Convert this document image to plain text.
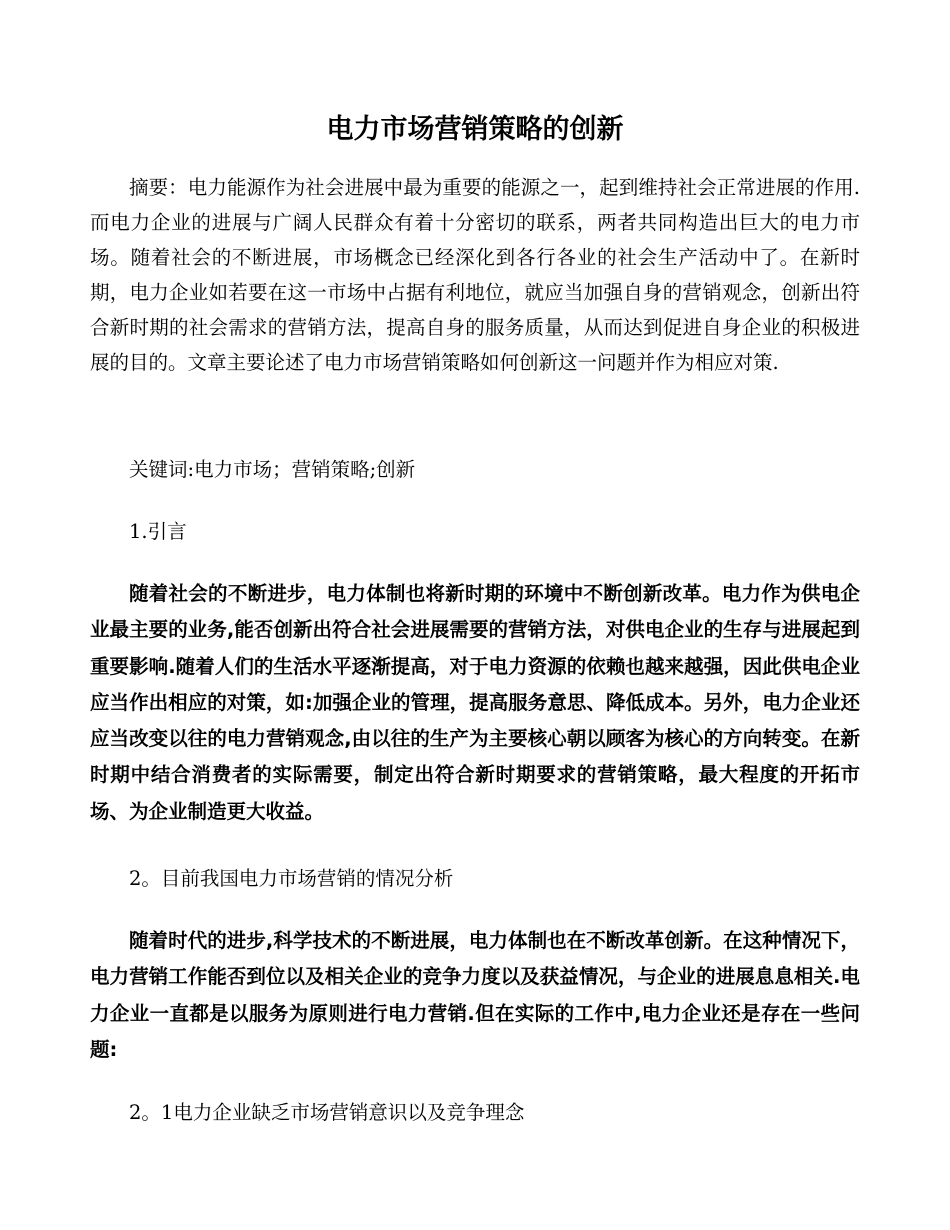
电力市场营销策略的创新

摘要：电力能源作为社会进展中最为重要的能源之一，起到维持社会正常进展的作用.而电力企业的进展与广阔人民群众有着十分密切的联系，两者共同构造出巨大的电力市场。随着社会的不断进展，市场概念已经深化到各行各业的社会生产活动中了。在新时期，电力企业如若要在这一市场中占据有利地位，就应当加强自身的营销观念，创新出符合新时期的社会需求的营销方法，提高自身的服务质量，从而达到促进自身企业的积极进展的目的。文章主要论述了电力市场营销策略如何创新这一问题并作为相应对策.

关键词:电力市场；营销策略;创新

1.引言

随着社会的不断进步，电力体制也将新时期的环境中不断创新改革。电力作为供电企业最主要的业务,能否创新出符合社会进展需要的营销方法，对供电企业的生存与进展起到重要影响.随着人们的生活水平逐渐提高，对于电力资源的依赖也越来越强，因此供电企业应当作出相应的对策，如:加强企业的管理，提高服务意思、降低成本。另外，电力企业还应当改变以往的电力营销观念,由以往的生产为主要核心朝以顾客为核心的方向转变。在新时期中结合消费者的实际需要，制定出符合新时期要求的营销策略，最大程度的开拓市场、为企业制造更大收益。

2。目前我国电力市场营销的情况分析

随着时代的进步,科学技术的不断进展，电力体制也在不断改革创新。在这种情况下，电力营销工作能否到位以及相关企业的竞争力度以及获益情况，与企业的进展息息相关.电力企业一直都是以服务为原则进行电力营销.但在实际的工作中,电力企业还是存在一些问题:

2。1电力企业缺乏市场营销意识以及竞争理念
